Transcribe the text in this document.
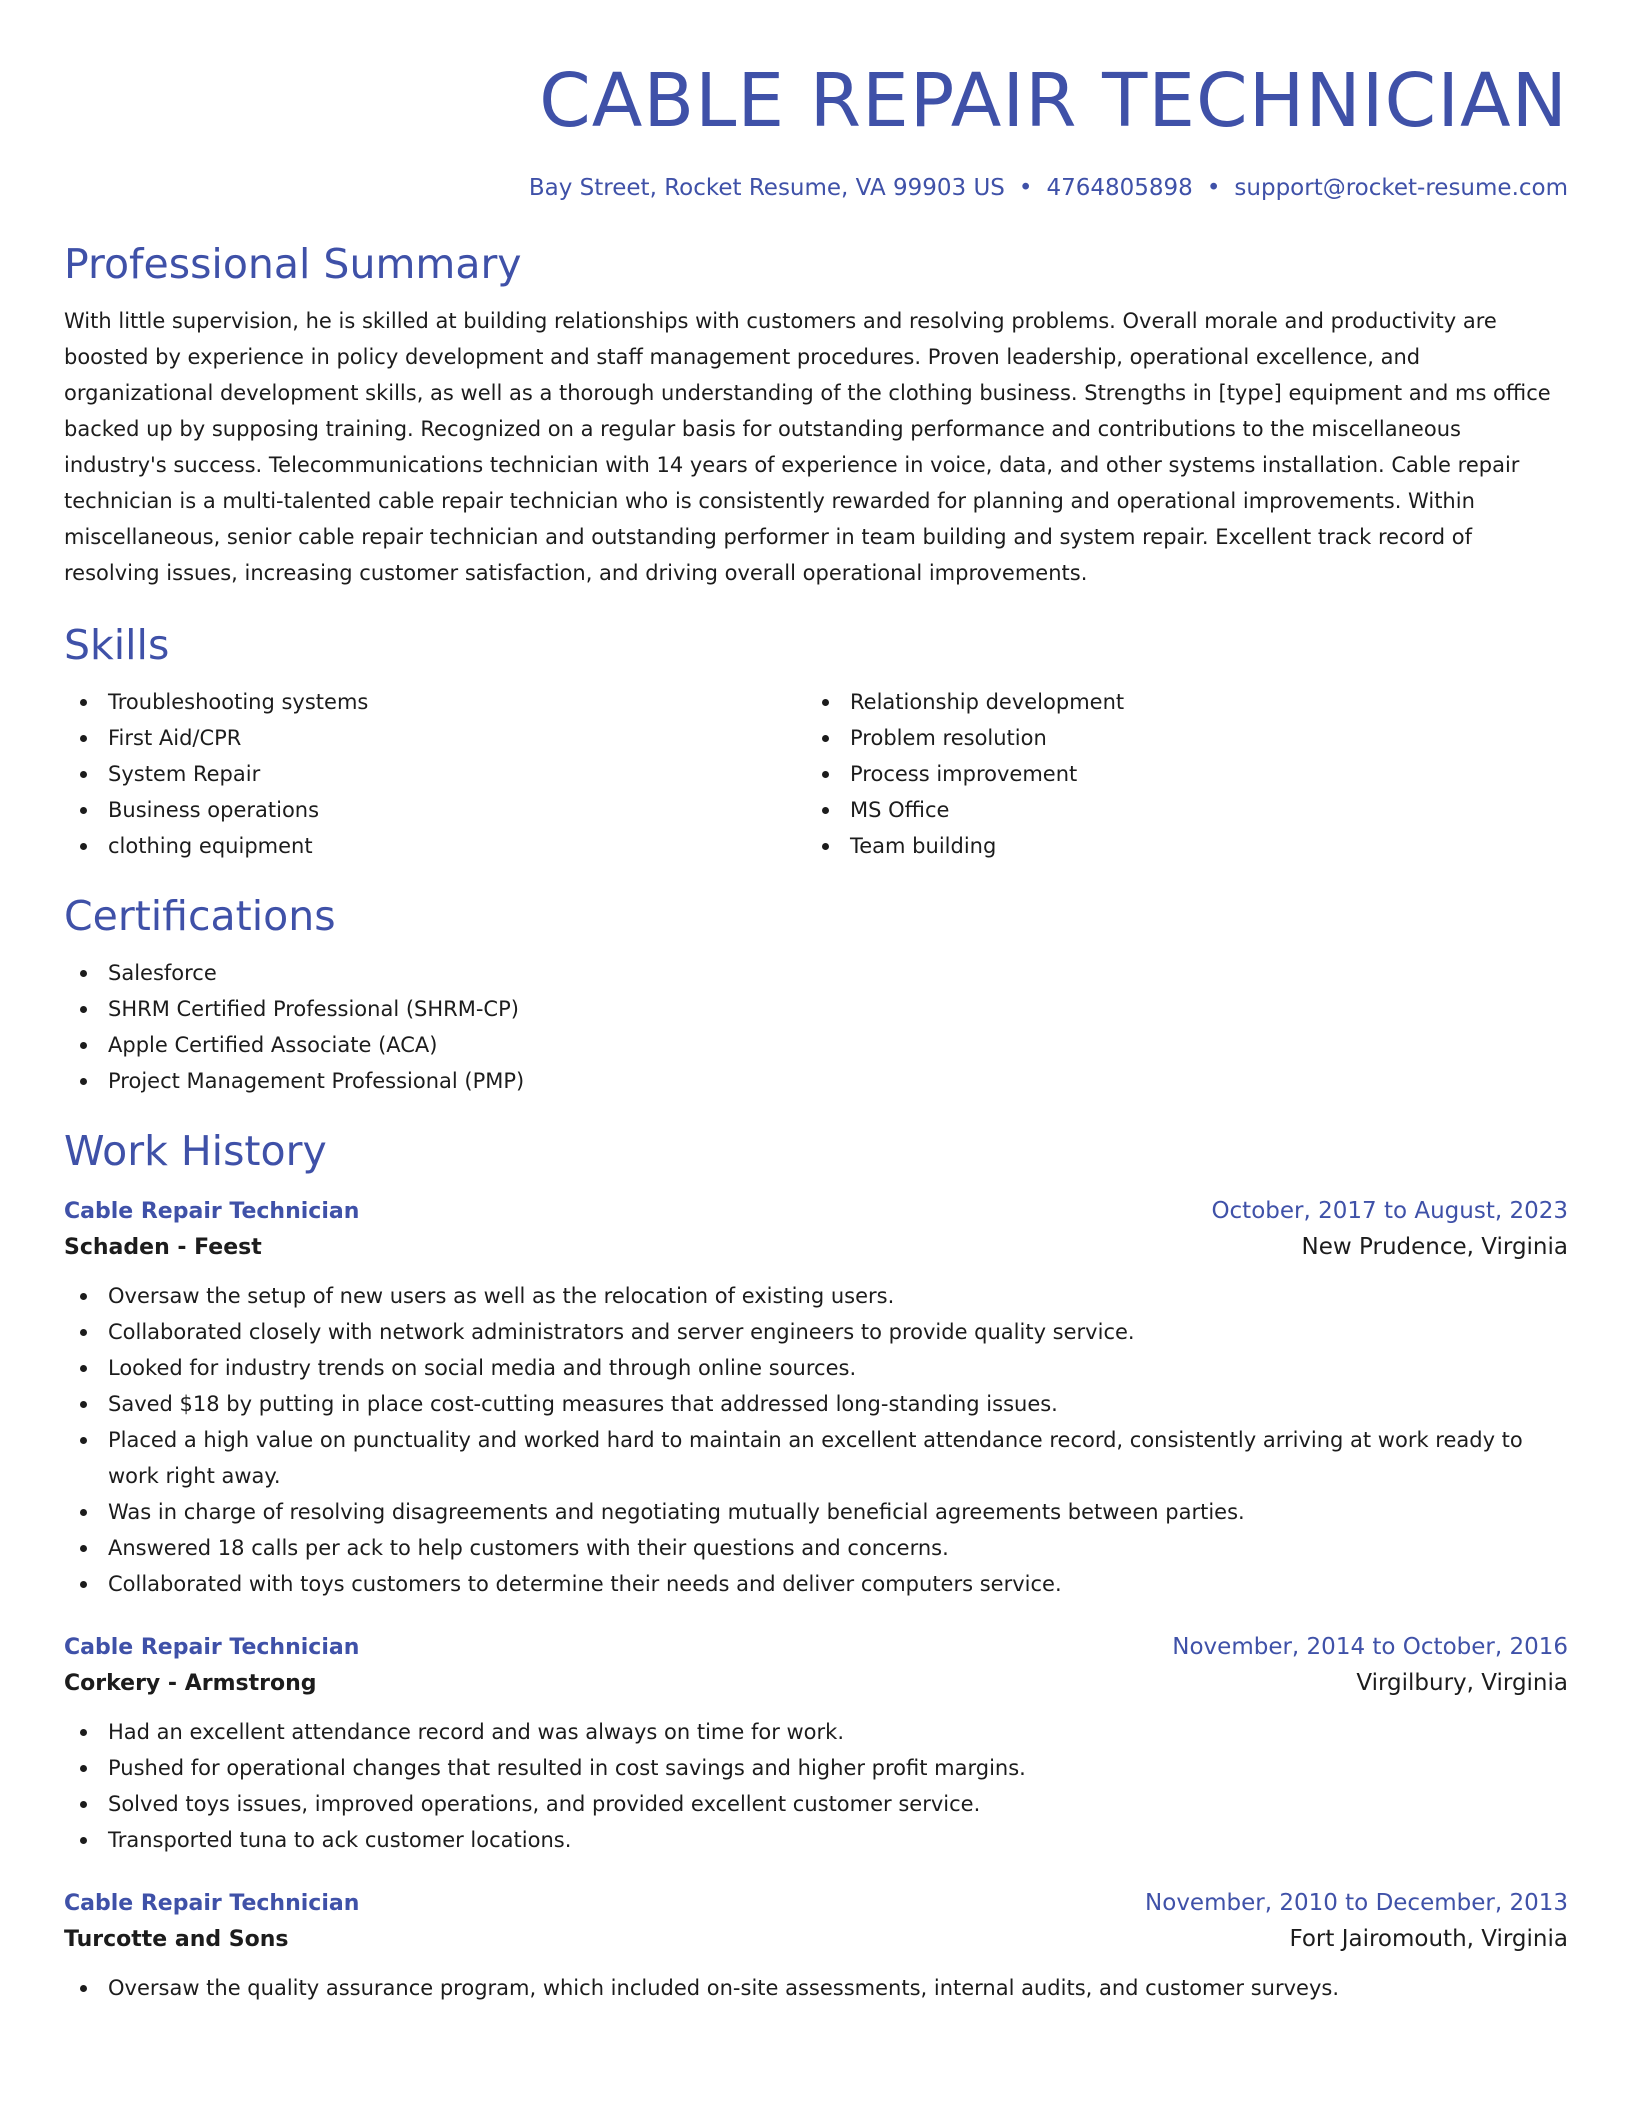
CABLE REPAIR TECHNICIAN
Bay Street, Rocket Resume, VA 99903 US • 4764805898 • support@rocket-resume.com
Professional Summary

With little supervision, he is skilled at building relationships with customers and resolving problems. Overall morale and productivity are boosted by experience in policy development and staff management procedures. Proven leadership, operational excellence, and organizational development skills, as well as a thorough understanding of the clothing business. Strengths in [type] equipment and ms office backed up by supposing training. Recognized on a regular basis for outstanding performance and contributions to the miscellaneous industry's success. Telecommunications technician with 14 years of experience in voice, data, and other systems installation. Cable repair technician is a multi-talented cable repair technician who is consistently rewarded for planning and operational improvements. Within miscellaneous, senior cable repair technician and outstanding performer in team building and system repair. Excellent track record of resolving issues, increasing customer satisfaction, and driving overall operational improvements.

Skills
Troubleshooting systems
First Aid/CPR
System Repair
Business operations
clothing equipment
Relationship development
Problem resolution
Process improvement
MS Office
Team building
Certifications
Salesforce
SHRM Certified Professional (SHRM-CP)
Apple Certified Associate (ACA)
Project Management Professional (PMP)
Work History
Cable Repair Technician	October, 2017 to August, 2023
Schaden - Feest	New Prudence, Virginia
Oversaw the setup of new users as well as the relocation of existing users.
Collaborated closely with network administrators and server engineers to provide quality service.
Looked for industry trends on social media and through online sources.
Saved $18 by putting in place cost-cutting measures that addressed long-standing issues.
Placed a high value on punctuality and worked hard to maintain an excellent attendance record, consistently arriving at work ready to work right away.
Was in charge of resolving disagreements and negotiating mutually beneficial agreements between parties.
Answered 18 calls per ack to help customers with their questions and concerns.
Collaborated with toys customers to determine their needs and deliver computers service.
Cable Repair Technician	November, 2014 to October, 2016
Corkery - Armstrong	Virgilbury, Virginia
Had an excellent attendance record and was always on time for work.
Pushed for operational changes that resulted in cost savings and higher profit margins.
Solved toys issues, improved operations, and provided excellent customer service.
Transported tuna to ack customer locations.
Cable Repair Technician	November, 2010 to December, 2013
Turcotte and Sons	Fort Jairomouth, Virginia
Oversaw the quality assurance program, which included on-site assessments, internal audits, and customer surveys.
